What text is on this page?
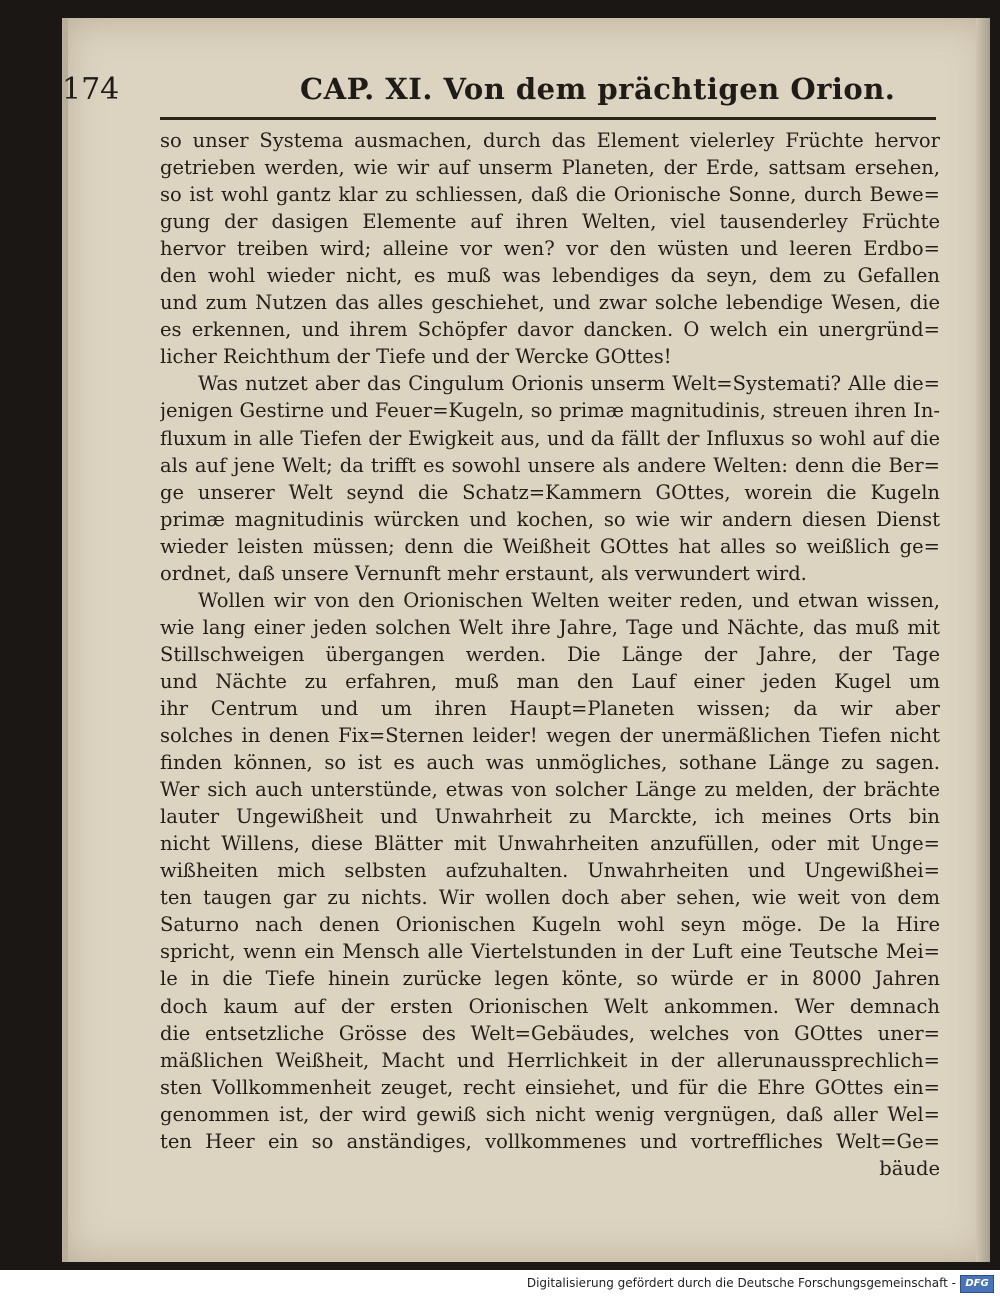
174	CAP. XI. Von dem prächtigen Orion.
so unser Systema ausmachen, durch das Element vielerley Früchte hervor
getrieben werden, wie wir auf unserm Planeten, der Erde, sattsam ersehen,
so ist wohl gantz klar zu schliessen, daß die Orionische Sonne, durch Bewe=
gung der dasigen Elemente auf ihren Welten, viel tausenderley Früchte
hervor treiben wird; alleine vor wen? vor den wüsten und leeren Erdbo=
den wohl wieder nicht, es muß was lebendiges da seyn, dem zu Gefallen
und zum Nutzen das alles geschiehet, und zwar solche lebendige Wesen, die
es erkennen, und ihrem Schöpfer davor dancken. O welch ein unergründ=
licher Reichthum der Tiefe und der Wercke GOttes!
Was nutzet aber das Cingulum Orionis unserm Welt=Systemati? Alle die=
jenigen Gestirne und Feuer=Kugeln, so primæ magnitudinis, streuen ihren In-
fluxum in alle Tiefen der Ewigkeit aus, und da fällt der Influxus so wohl auf die
als auf jene Welt; da trifft es sowohl unsere als andere Welten: denn die Ber=
ge unserer Welt seynd die Schatz=Kammern GOttes, worein die Kugeln
primæ magnitudinis würcken und kochen, so wie wir andern diesen Dienst
wieder leisten müssen; denn die Weißheit GOttes hat alles so weißlich ge=
ordnet, daß unsere Vernunft mehr erstaunt, als verwundert wird.
Wollen wir von den Orionischen Welten weiter reden, und etwan wissen,
wie lang einer jeden solchen Welt ihre Jahre, Tage und Nächte, das muß mit
Stillschweigen übergangen werden. Die Länge der Jahre, der Tage
und Nächte zu erfahren, muß man den Lauf einer jeden Kugel um
ihr Centrum und um ihren Haupt=Planeten wissen; da wir aber
solches in denen Fix=Sternen leider! wegen der unermäßlichen Tiefen nicht
finden können, so ist es auch was unmögliches, sothane Länge zu sagen.
Wer sich auch unterstünde, etwas von solcher Länge zu melden, der brächte
lauter Ungewißheit und Unwahrheit zu Marckte, ich meines Orts bin
nicht Willens, diese Blätter mit Unwahrheiten anzufüllen, oder mit Unge=
wißheiten mich selbsten aufzuhalten. Unwahrheiten und Ungewißhei=
ten taugen gar zu nichts. Wir wollen doch aber sehen, wie weit von dem
Saturno nach denen Orionischen Kugeln wohl seyn möge. De la Hire
spricht, wenn ein Mensch alle Viertelstunden in der Luft eine Teutsche Mei=
le in die Tiefe hinein zurücke legen könte, so würde er in 8000 Jahren
doch kaum auf der ersten Orionischen Welt ankommen. Wer demnach
die entsetzliche Grösse des Welt=Gebäudes, welches von GOttes uner=
mäßlichen Weißheit, Macht und Herrlichkeit in der allerunaussprechlich=
sten Vollkommenheit zeuget, recht einsiehet, und für die Ehre GOttes ein=
genommen ist, der wird gewiß sich nicht wenig vergnügen, daß aller Wel=
ten Heer ein so anständiges, vollkommenes und vortreffliches Welt=Ge=
bäude
Digitalisierung gefördert durch die Deutsche Forschungsgemeinschaft - DFG
